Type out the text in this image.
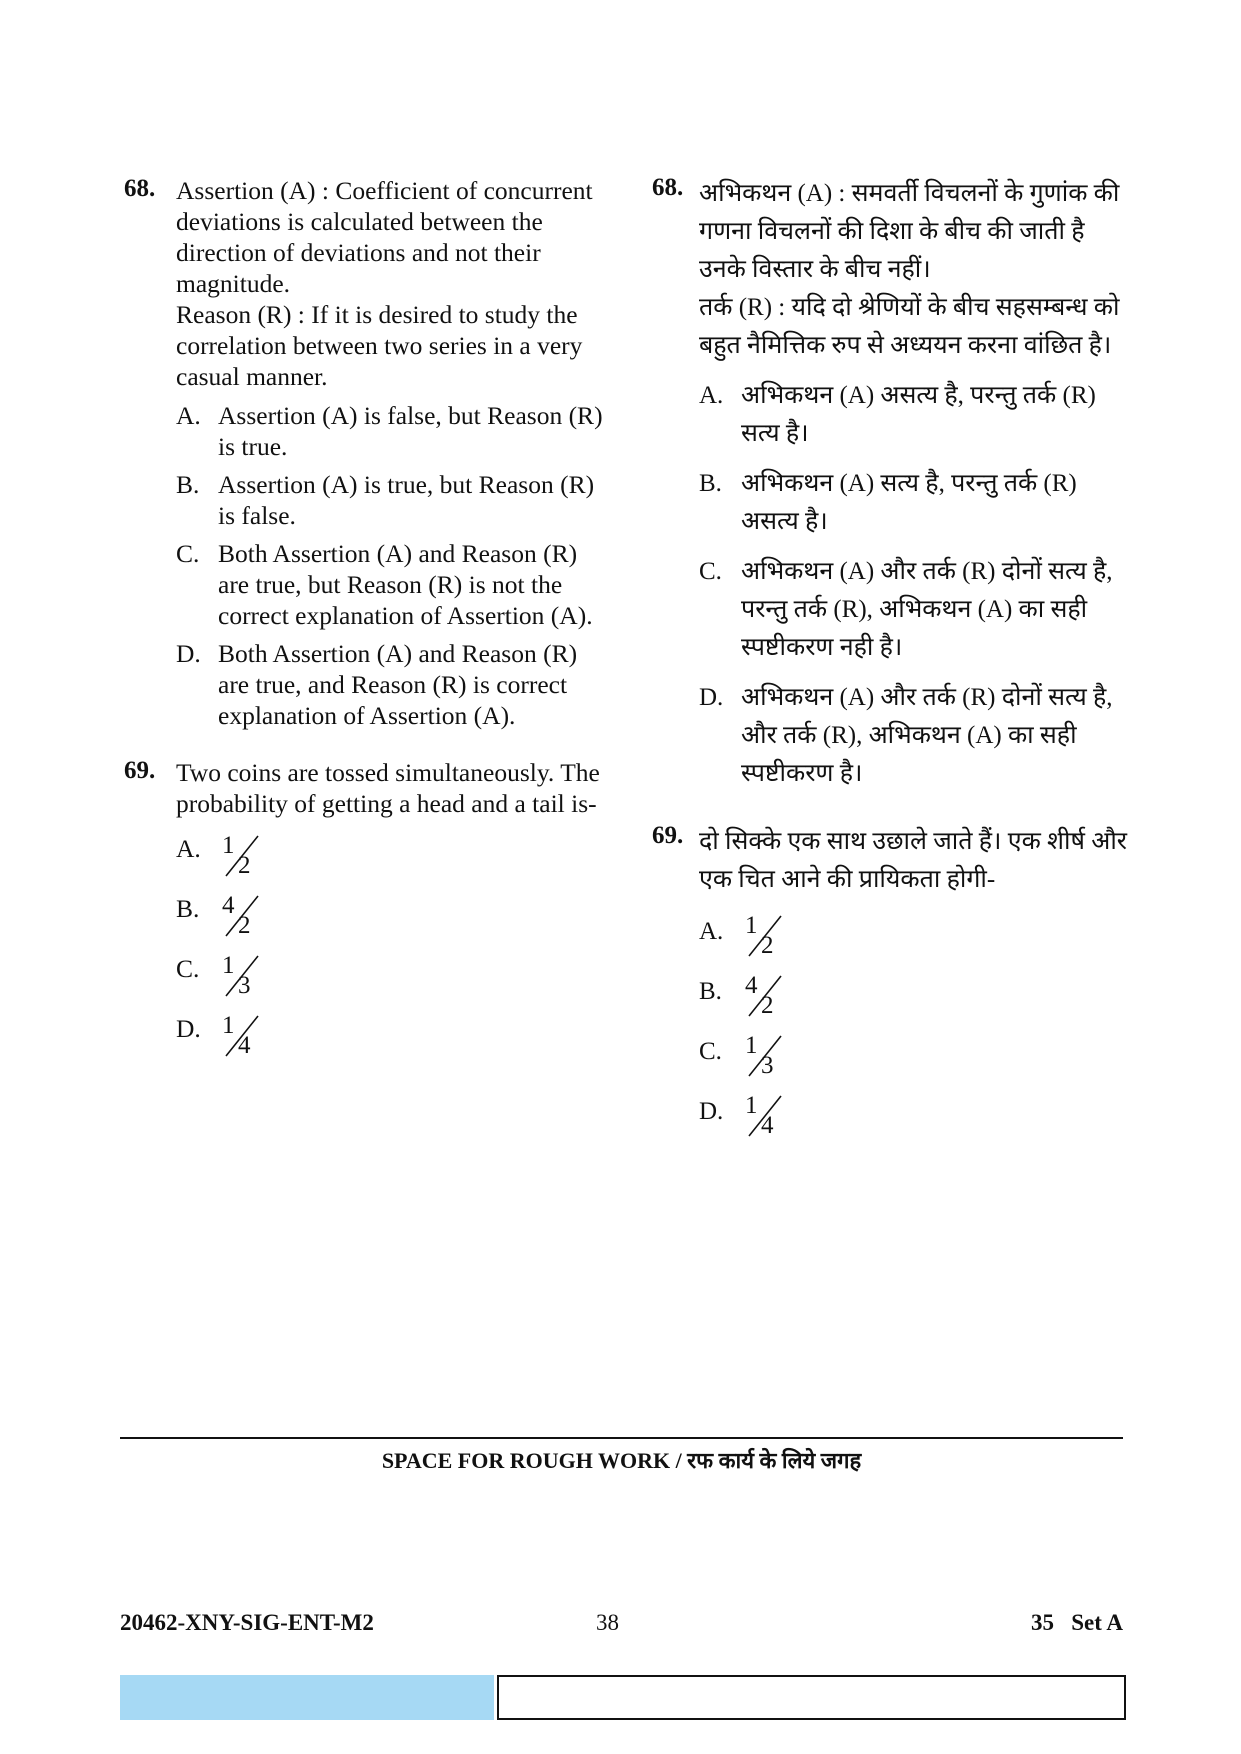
68. Assertion (A) : Coefficient of concurrent deviations is calculated between the direction of deviations and not their magnitude.

Reason (R) : If it is desired to study the correlation between two series in a very casual manner.

A. Assertion (A) is false, but Reason (R) is true.
B. Assertion (A) is true, but Reason (R) is false.
C. Both Assertion (A) and Reason (R) are true, but Reason (R) is not the correct explanation of Assertion (A).
D. Both Assertion (A) and Reason (R) are true, and Reason (R) is correct explanation of Assertion (A).
69. Two coins are tossed simultaneously. The probability of getting a head and a tail is-

A. 1
2
B. 4
2
C. 1
3
D. 1
4
68. अभिकथन (A) : समवर्ती विचलनों के गुणांक की गणना विचलनों की दिशा के बीच की जाती है उनके विस्तार के बीच नहीं।

तर्क (R) : यदि दो श्रेणियों के बीच सहसम्बन्ध को बहुत नैमित्तिक रुप से अध्ययन करना वांछित है।

A. अभिकथन (A) असत्य है, परन्तु तर्क (R) सत्य है।
B. अभिकथन (A) सत्य है, परन्तु तर्क (R) असत्य है।
C. अभिकथन (A) और तर्क (R) दोनों सत्य है, परन्तु तर्क (R), अभिकथन (A) का सही स्पष्टीकरण नही है।
D. अभिकथन (A) और तर्क (R) दोनों सत्य है, और तर्क (R), अभिकथन (A) का सही स्पष्टीकरण है।
69. दो सिक्के एक साथ उछाले जाते हैं। एक शीर्ष और एक चित आने की प्रायिकता होगी-

A. 1
2
B. 4
2
C. 1
3
D. 1
4
SPACE FOR ROUGH WORK / रफ कार्य के लिये जगह
20462-XNY-SIG-ENT-M2	38	35   Set A
